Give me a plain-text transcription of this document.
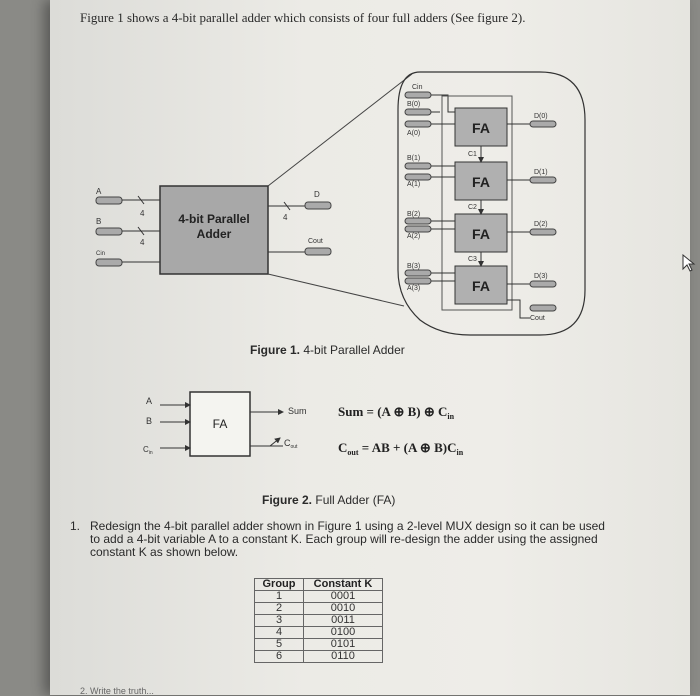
Figure 1 shows a 4-bit parallel adder which consists of four full adders (See figure 2).
4-bit Parallel
Adder
A
B
Cin
4
4
D
4
Cout
Cin
FA
FA
FA
FA
B(0)
A(0)
B(1)
A(1)
B(2)
A(2)
B(3)
A(3)
C1
C2
C3
D(0)
D(1)
D(2)
D(3)
Cout
FA
A
B
$C_{in}$
Sum
$C_{out}$
Sum = (A ⊕ B) ⊕ $C_{in}$
$C_{out}$ = AB + (A ⊕ $B)C_{in}$
Figure 1. 4-bit Parallel Adder
Figure 2. Full Adder (FA)
1. Redesign the 4-bit parallel adder shown in Figure 1 using a 2-level MUX design so it can be used to add a 4-bit variable A to a constant K. Each group will re-design the adder using the assigned constant K as shown below.
Group	Constant K
1	0001
2	0010
3	0011
4	0100
5	0101
6	0110
2. Write the truth...
